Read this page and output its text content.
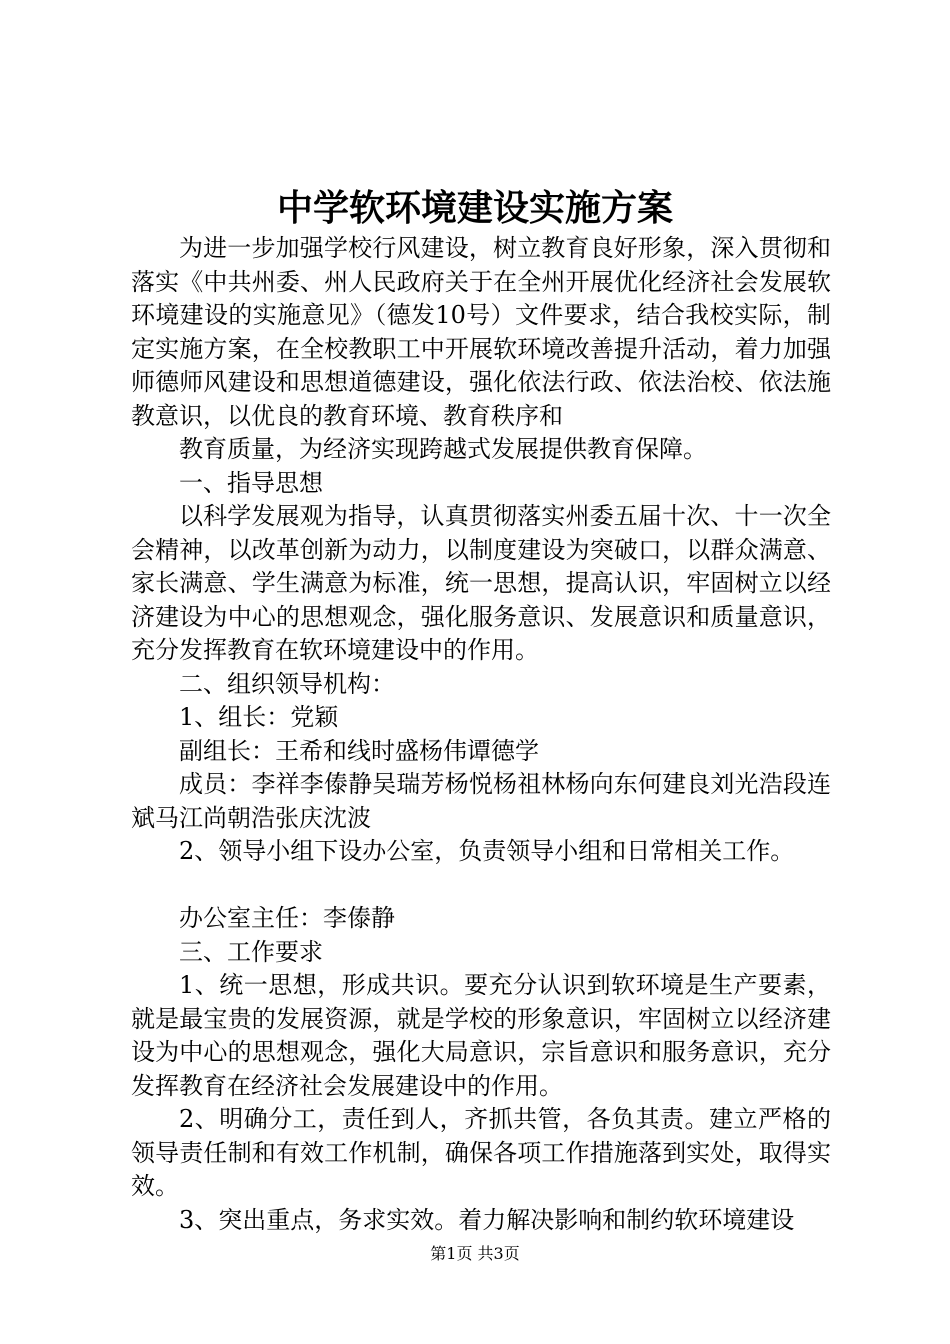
中学软环境建设实施方案

为进一步加强学校行风建设，树立教育良好形象，深入贯彻和落实《中共州委、州人民政府关于在全州开展优化经济社会发展软环境建设的实施意见》（德发10号）文件要求，结合我校实际，制定实施方案，在全校教职工中开展软环境改善提升活动，着力加强师德师风建设和思想道德建设，强化依法行政、依法治校、依法施教意识，以优良的教育环境、教育秩序和

教育质量，为经济实现跨越式发展提供教育保障。

一、指导思想

以科学发展观为指导，认真贯彻落实州委五届十次、十一次全会精神，以改革创新为动力，以制度建设为突破口，以群众满意、家长满意、学生满意为标准，统一思想，提高认识，牢固树立以经济建设为中心的思想观念，强化服务意识、发展意识和质量意识，充分发挥教育在软环境建设中的作用。

二、组织领导机构：

1、组长：党颖

副组长：王希和线时盛杨伟谭德学

成员：李祥李傣静吴瑞芳杨悦杨祖林杨向东何建良刘光浩段连斌马江尚朝浩张庆沈波

2、领导小组下设办公室，负责领导小组和日常相关工作。

办公室主任：李傣静

三、工作要求

1、统一思想，形成共识。要充分认识到软环境是生产要素，就是最宝贵的发展资源，就是学校的形象意识，牢固树立以经济建设为中心的思想观念，强化大局意识，宗旨意识和服务意识，充分发挥教育在经济社会发展建设中的作用。

2、明确分工，责任到人，齐抓共管，各负其责。建立严格的领导责任制和有效工作机制，确保各项工作措施落到实处，取得实效。

3、突出重点，务求实效。着力解决影响和制约软环境建设

第1页 共3页
